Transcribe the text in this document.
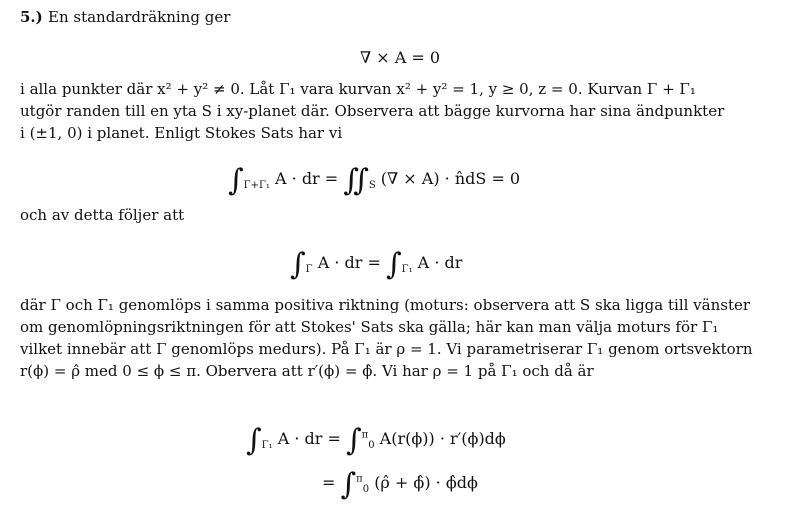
5.) En standardräkning ger
∇ × A = 0
i alla punkter där x² + y² ≠ 0. Låt Γ₁ vara kurvan x² + y² = 1, y ≥ 0, z = 0. Kurvan Γ + Γ₁
utgör randen till en yta S i xy-planet där. Observera att bägge kurvorna har sina ändpunkter
i (±1, 0) i planet. Enligt Stokes Sats har vi
$\int_{\Gamma+\Gamma_1}$ A · dr = $∬_S$ (∇ × A) · n̂dS = 0
och av detta följer att
$\int_\Gamma$ A · dr = $\int_{\Gamma_1}$ A · dr
där Γ och Γ₁ genomlöps i samma positiva riktning (moturs: observera att S ska ligga till vänster
om genomlöpningsriktningen för att Stokes' Sats ska gälla; här kan man välja moturs för Γ₁
vilket innebär att Γ genomlöps medurs). På Γ₁ är ρ = 1. Vi parametriserar Γ₁ genom ortsvektorn
r(ϕ) = ρ̂ med 0 ≤ ϕ ≤ π. Obervera att r′(ϕ) = ϕ̂. Vi har ρ = 1 på Γ₁ och då är
$\int_{\Gamma_1}$ A · dr = ∫$^\pi_0$ A(r(ϕ)) · r′(ϕ)dϕ
= ∫$^\pi_0$ (ρ̂ + ϕ̂) · ϕ̂dϕ
